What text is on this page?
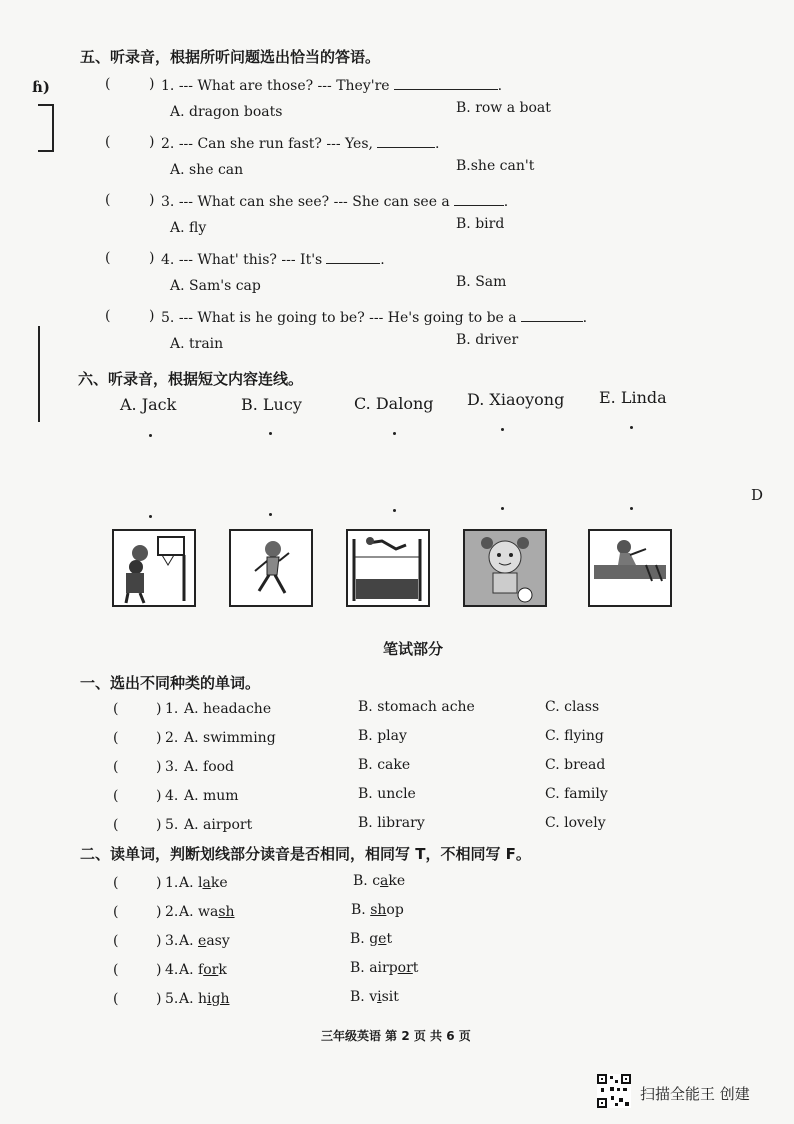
ɦ)
Ⅾ
五、听录音，根据所听问题选出恰当的答语。
(	) 1. --- What are those? --- They're	.
A. dragon boats	B. row a boat
(	) 2. --- Can she run fast? --- Yes,	.
A. she can	B.she can't
(	) 3. --- What can she see? --- She can see a	.
A. fly	B. bird
(	) 4. --- What' this? --- It's	.
A. Sam's cap	B. Sam
(	) 5. --- What is he going to be? --- He's going to be a	.
A. train	B. driver
六、听录音，根据短文内容连线。
A. Jack	B. Lucy	C. Dalong D. Xiaoyong E. Linda
笔试部分
一、选出不同种类的单词。
(	) 1. A. headache	B. stomach ache	C. class
(	) 2. A. swimming	B. play	C. flying
(	) 3. A. food	B. cake	C. bread
(	) 4. A. mum	B. uncle	C. family
(	) 5. A. airport	B. library	C. lovely
二、读单词，判断划线部分读音是否相同，相同写 T，不相同写 F。
(	) 1. A. lake	B. cake
(	) 2. A. wash	B. shop
(	) 3. A. easy	B. get
(	) 4. A. fork	B. airport
(	) 5. A. high	B. visit
三年级英语 第 2 页 共 6 页
扫描全能王 创建
